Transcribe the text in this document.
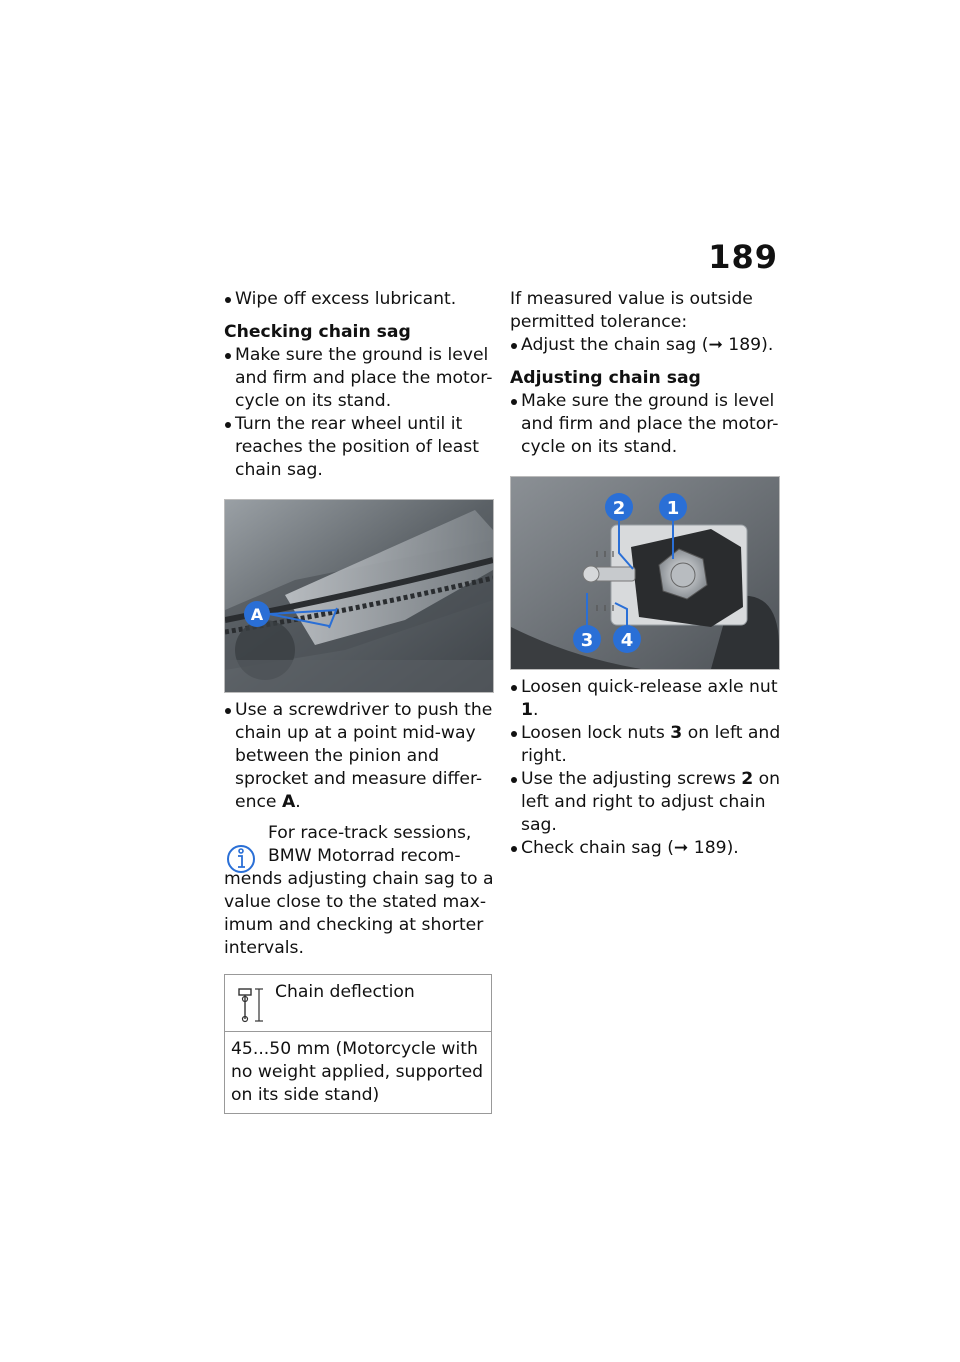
189
Wipe off excess lubricant.
Checking chain sag
Make sure the ground is level and firm and place the motor-cycle on its stand.
Turn the rear wheel until it reaches the position of least chain sag.
A
Use a screwdriver to push the chain up at a point mid-way between the pinion and sprocket and measure differ-ence A.
For race-track sessions, BMW Motorrad recom-
mends adjusting chain sag to a value close to the stated max-imum and checking at shorter intervals.
Chain deflection
45...50 mm (Motorcycle with no weight applied, supported on its side stand)
If measured value is outside permitted tolerance:
Adjust the chain sag (➞ 189).
Adjusting chain sag
Make sure the ground is level and firm and place the motor-cycle on its stand.
2 1
3 4
Loosen quick-release axle nut 1.
Loosen lock nuts 3 on left and right.
Use the adjusting screws 2 on left and right to adjust chain sag.
Check chain sag (➞ 189).
